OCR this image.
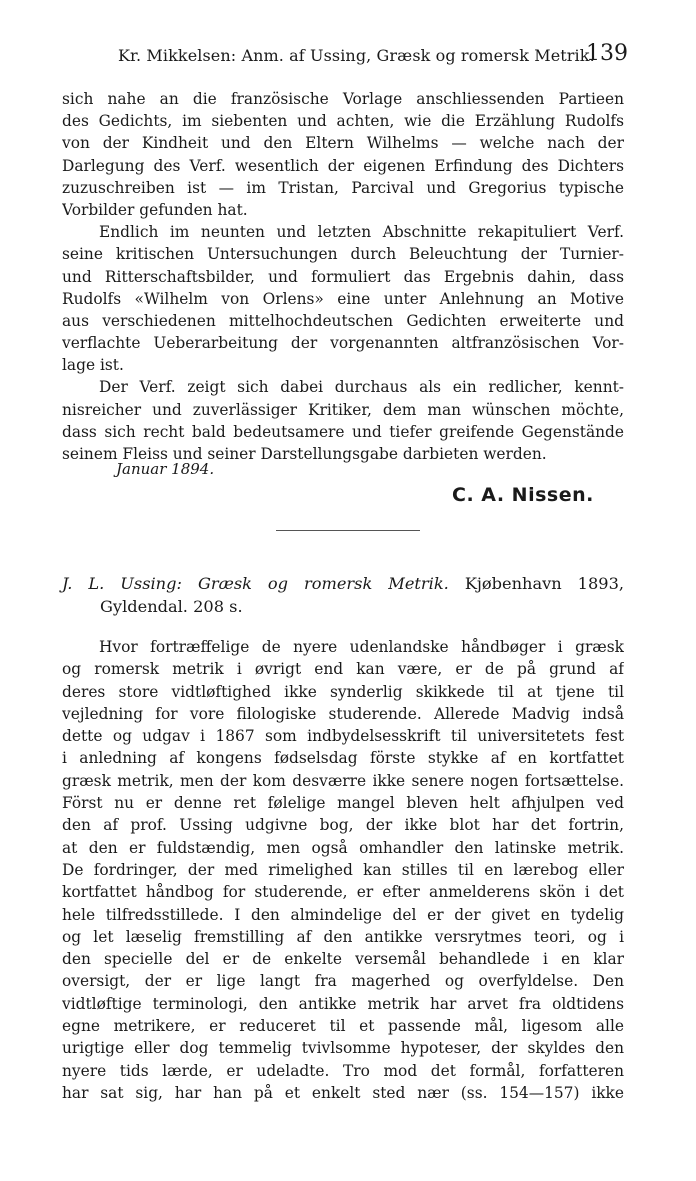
Kr. Mikkelsen: Anm. af Ussing, Græsk og romersk Metrik.
139
sich nahe an die französische Vorlage anschliessenden Partieen
des Gedichts, im siebenten und achten, wie die Erzählung Rudolfs
von der Kindheit und den Eltern Wilhelms — welche nach der
Darlegung des Verf. wesentlich der eigenen Erfindung des Dichters
zuzuschreiben ist — im Tristan, Parcival und Gregorius typische
Vorbilder gefunden hat.
Endlich im neunten und letzten Abschnitte rekapituliert Verf.
seine kritischen Untersuchungen durch Beleuchtung der Turnier-
und Ritterschaftsbilder, und formuliert das Ergebnis dahin, dass
Rudolfs «Wilhelm von Orlens» eine unter Anlehnung an Motive
aus verschiedenen mittelhochdeutschen Gedichten erweiterte und
verflachte Ueberarbeitung der vorgenannten altfranzösischen Vor-
lage ist.
Der Verf. zeigt sich dabei durchaus als ein redlicher, kennt-
nisreicher und zuverlässiger Kritiker, dem man wünschen möchte,
dass sich recht bald bedeutsamere und tiefer greifende Gegenstände
seinem Fleiss und seiner Darstellungsgabe darbieten werden.
Januar 1894.
C. A. Nissen.
J. L. Ussing: Græsk og romersk Metrik. Kjøbenhavn 1893,
Gyldendal. 208 s.
Hvor fortræffelige de nyere udenlandske håndbøger i græsk
og romersk metrik i øvrigt end kan være, er de på grund af
deres store vidtløftighed ikke synderlig skikkede til at tjene til
vejledning for vore filologiske studerende. Allerede Madvig indså
dette og udgav i 1867 som indbydelsesskrift til universitetets fest
i anledning af kongens fødselsdag förste stykke af en kortfattet
græsk metrik, men der kom desværre ikke senere nogen fortsættelse.
Först nu er denne ret følelige mangel bleven helt afhjulpen ved
den af prof. Ussing udgivne bog, der ikke blot har det fortrin,
at den er fuldstændig, men også omhandler den latinske metrik.
De fordringer, der med rimelighed kan stilles til en lærebog eller
kortfattet håndbog for studerende, er efter anmelderens skön i det
hele tilfredsstillede. I den almindelige del er der givet en tydelig
og let læselig fremstilling af den antikke versrytmes teori, og i
den specielle del er de enkelte versemål behandlede i en klar
oversigt, der er lige langt fra magerhed og overfyldelse. Den
vidtløftige terminologi, den antikke metrik har arvet fra oldtidens
egne metrikere, er reduceret til et passende mål, ligesom alle
urigtige eller dog temmelig tvivlsomme hypoteser, der skyldes den
nyere tids lærde, er udeladte. Tro mod det formål, forfatteren
har sat sig, har han på et enkelt sted nær (ss. 154—157) ikke
